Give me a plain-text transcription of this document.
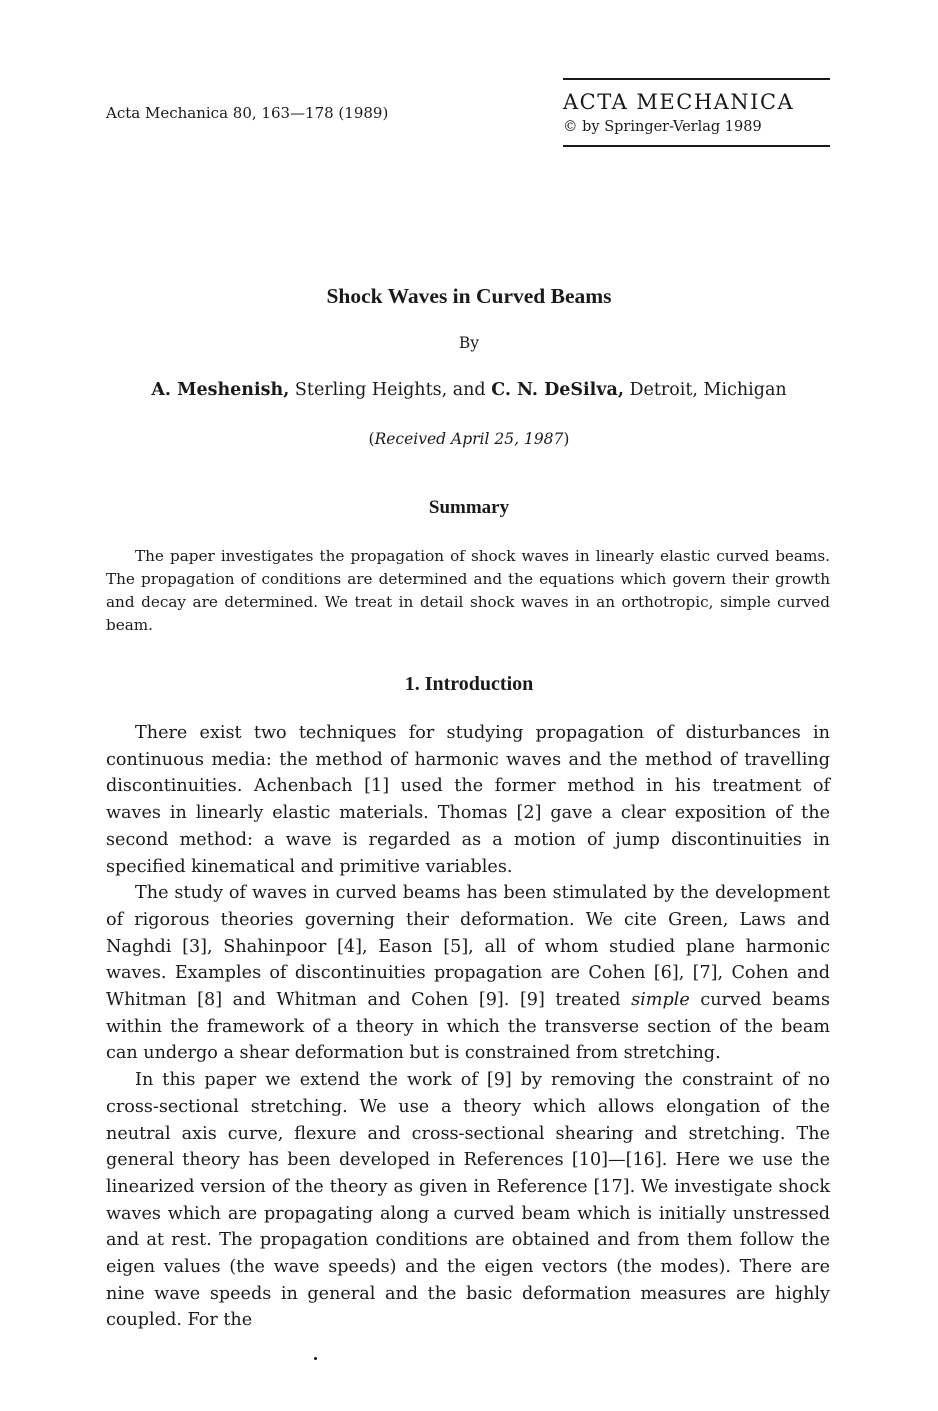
Acta Mechanica 80, 163—178 (1989)	ACTA MECHANICA
© by Springer-Verlag 1989
Shock Waves in Curved Beams
By
A. Meshenish, Sterling Heights, and C. N. DeSilva, Detroit, Michigan
(Received April 25, 1987)
Summary
The paper investigates the propagation of shock waves in linearly elastic curved beams. The propagation of conditions are determined and the equations which govern their growth and decay are determined. We treat in detail shock waves in an orthotropic, simple curved beam.
1. Introduction

There exist two techniques for studying propagation of disturbances in continuous media: the method of harmonic waves and the method of travelling discontinuities. Achenbach [1] used the former method in his treatment of waves in linearly elastic materials. Thomas [2] gave a clear exposition of the second method: a wave is regarded as a motion of jump discontinuities in specified kinematical and primitive variables.

The study of waves in curved beams has been stimulated by the development of rigorous theories governing their deformation. We cite Green, Laws and Naghdi [3], Shahinpoor [4], Eason [5], all of whom studied plane harmonic waves. Examples of discontinuities propagation are Cohen [6], [7], Cohen and Whitman [8] and Whitman and Cohen [9]. [9] treated simple curved beams within the framework of a theory in which the transverse section of the beam can undergo a shear deformation but is constrained from stretching.

In this paper we extend the work of [9] by removing the constraint of no cross-sectional stretching. We use a theory which allows elongation of the neutral axis curve, flexure and cross-sectional shearing and stretching. The general theory has been developed in References [10]—[16]. Here we use the linearized version of the theory as given in Reference [17]. We investigate shock waves which are propagating along a curved beam which is initially unstressed and at rest. The propagation conditions are obtained and from them follow the eigen values (the wave speeds) and the eigen vectors (the modes). There are nine wave speeds in general and the basic deformation measures are highly coupled. For the
